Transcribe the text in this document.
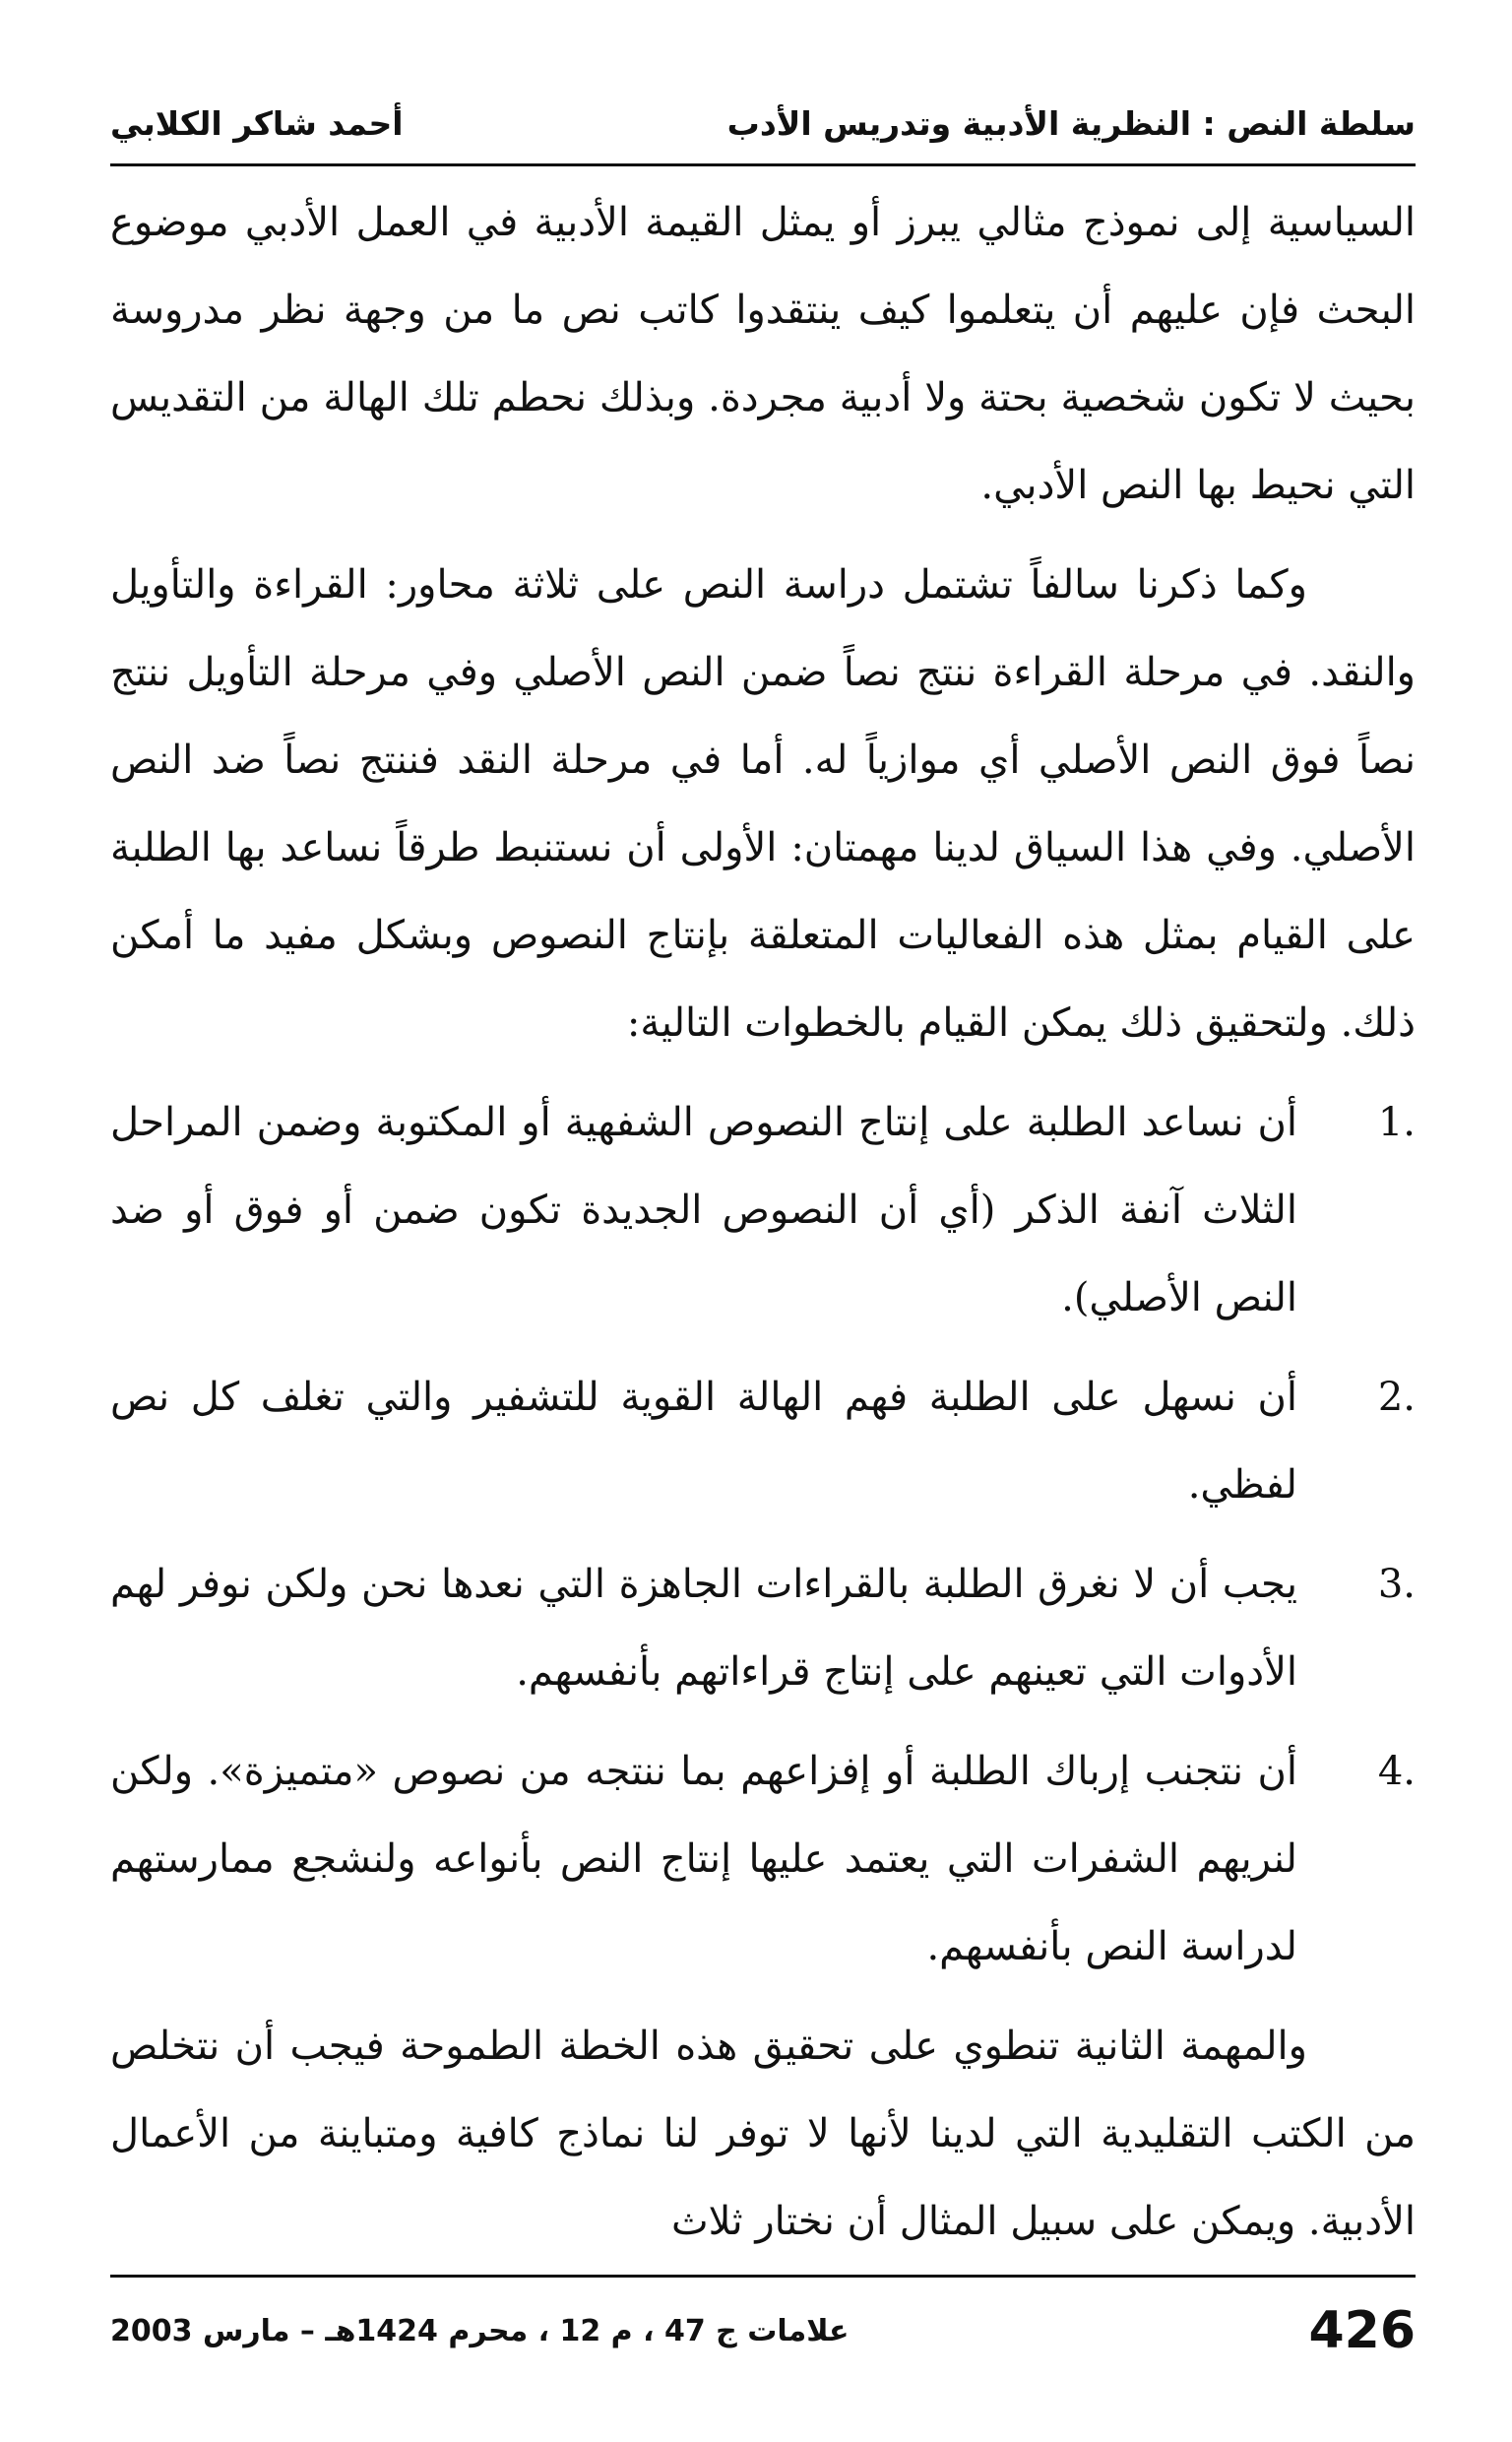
سلطة النص : النظرية الأدبية وتدريس الأدب
أحمد شاكر الكلابي

السياسية إلى نموذج مثالي يبرز أو يمثل القيمة الأدبية في العمل الأدبي موضوع البحث فإن عليهم أن يتعلموا كيف ينتقدوا كاتب نص ما من وجهة نظر مدروسة بحيث لا تكون شخصية بحتة ولا أدبية مجردة. وبذلك نحطم تلك الهالة من التقديس التي نحيط بها النص الأدبي.

وكما ذكرنا سالفاً تشتمل دراسة النص على ثلاثة محاور: القراءة والتأويل والنقد. في مرحلة القراءة ننتج نصاً ضمن النص الأصلي وفي مرحلة التأويل ننتج نصاً فوق النص الأصلي أي موازياً له. أما في مرحلة النقد فننتج نصاً ضد النص الأصلي. وفي هذا السياق لدينا مهمتان: الأولى أن نستنبط طرقاً نساعد بها الطلبة على القيام بمثل هذه الفعاليات المتعلقة بإنتاج النصوص وبشكل مفيد ما أمكن ذلك. ولتحقيق ذلك يمكن القيام بالخطوات التالية:

1.
أن نساعد الطلبة على إنتاج النصوص الشفهية أو المكتوبة وضمن المراحل الثلاث آنفة الذكر (أي أن النصوص الجديدة تكون ضمن أو فوق أو ضد النص الأصلي).
2.
أن نسهل على الطلبة فهم الهالة القوية للتشفير والتي تغلف كل نص لفظي.
3.
يجب أن لا نغرق الطلبة بالقراءات الجاهزة التي نعدها نحن ولكن نوفر لهم الأدوات التي تعينهم على إنتاج قراءاتهم بأنفسهم.
4.
أن نتجنب إرباك الطلبة أو إفزاعهم بما ننتجه من نصوص «متميزة». ولكن لنريهم الشفرات التي يعتمد عليها إنتاج النص بأنواعه ولنشجع ممارستهم لدراسة النص بأنفسهم.

والمهمة الثانية تنطوي على تحقيق هذه الخطة الطموحة فيجب أن نتخلص من الكتب التقليدية التي لدينا لأنها لا توفر لنا نماذج كافية ومتباينة من الأعمال الأدبية. ويمكن على سبيل المثال أن نختار ثلاث

426
علامات ج 47 ، م 12 ، محرم 1424هـ – مارس 2003
